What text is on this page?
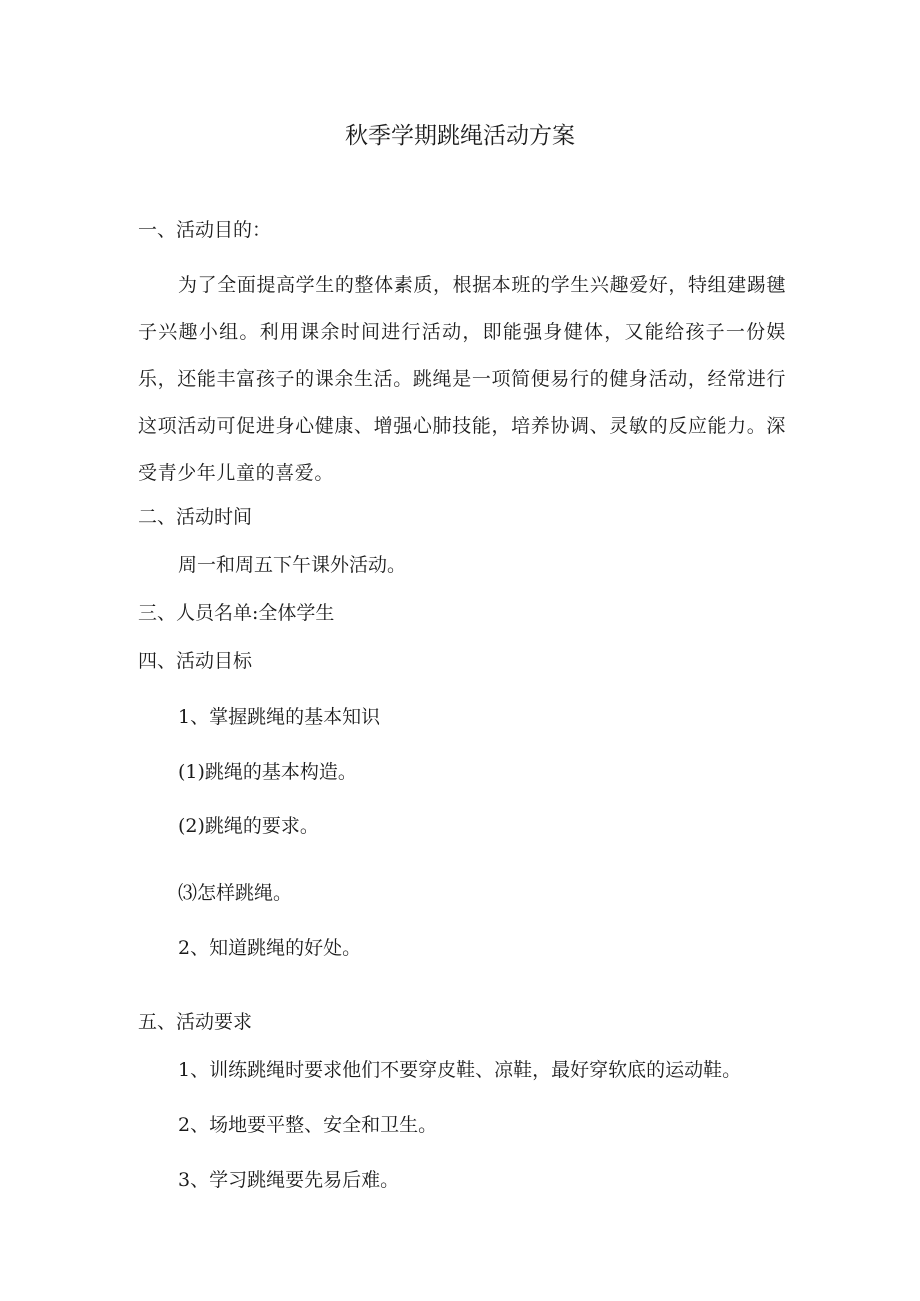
秋季学期跳绳活动方案

一、活动目的：

为了全面提高学生的整体素质，根据本班的学生兴趣爱好，特组建踢毽子兴趣小组。利用课余时间进行活动，即能强身健体，又能给孩子一份娱乐，还能丰富孩子的课余生活。跳绳是一项简便易行的健身活动，经常进行这项活动可促进身心健康、增强心肺技能，培养协调、灵敏的反应能力。深受青少年儿童的喜爱。

二、活动时间

周一和周五下午课外活动。

三、人员名单:全体学生

四、活动目标

1、掌握跳绳的基本知识

(1)跳绳的基本构造。

(2)跳绳的要求。

⑶怎样跳绳。

2、知道跳绳的好处。

五、活动要求

1、训练跳绳时要求他们不要穿皮鞋、凉鞋，最好穿软底的运动鞋。

2、场地要平整、安全和卫生。

3、学习跳绳要先易后难。
